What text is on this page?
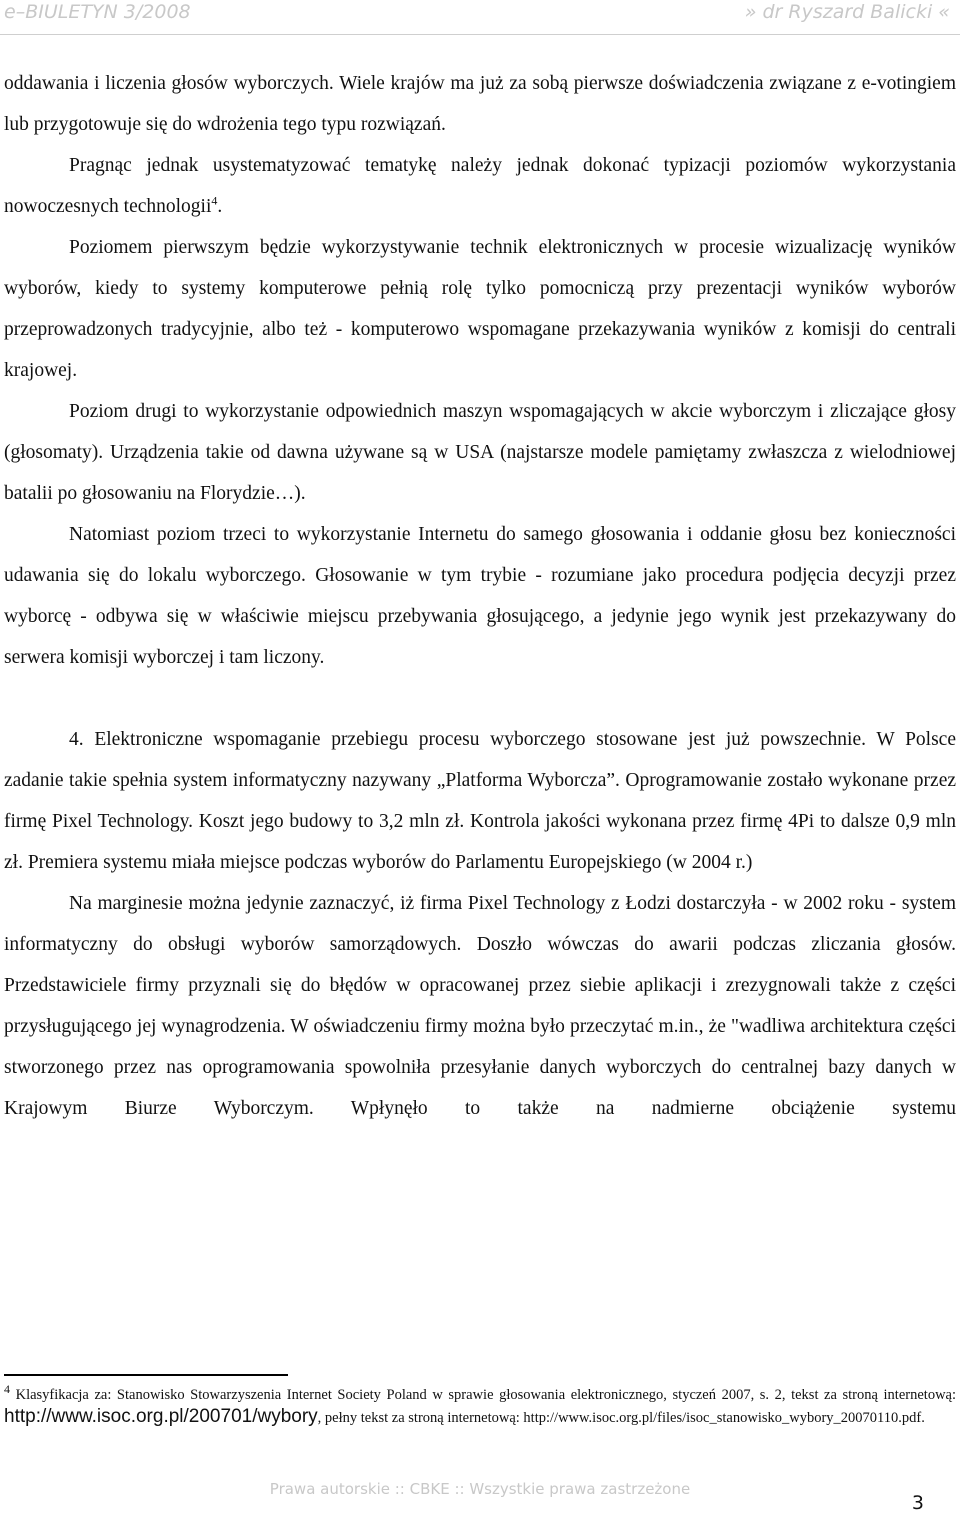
e–BIULETYN 3/2008	» dr Ryszard Balicki «

oddawania i liczenia głosów wyborczych. Wiele krajów ma już za sobą pierwsze doświadczenia związane z e-votingiem lub przygotowuje się do wdrożenia tego typu rozwiązań.

Pragnąc jednak usystematyzować tematykę należy jednak dokonać typizacji poziomów wykorzystania nowoczesnych technologii$^4$.

Poziomem pierwszym będzie wykorzystywanie technik elektronicznych w procesie wizualizację wyników wyborów, kiedy to systemy komputerowe pełnią rolę tylko pomocniczą przy prezentacji wyników wyborów przeprowadzonych tradycyjnie, albo też - komputerowo wspomagane przekazywania wyników z komisji do centrali krajowej.

Poziom drugi to wykorzystanie odpowiednich maszyn wspomagających w akcie wyborczym i zliczające głosy (głosomaty). Urządzenia takie od dawna używane są w USA (najstarsze modele pamiętamy zwłaszcza z wielodniowej batalii po głosowaniu na Florydzie…).

Natomiast poziom trzeci to wykorzystanie Internetu do samego głosowania i oddanie głosu bez konieczności udawania się do lokalu wyborczego. Głosowanie w tym trybie - rozumiane jako procedura podjęcia decyzji przez wyborcę - odbywa się w właściwie miejscu przebywania głosującego, a jedynie jego wynik jest przekazywany do serwera komisji wyborczej i tam liczony.

4. Elektroniczne wspomaganie przebiegu procesu wyborczego stosowane jest już powszechnie. W Polsce zadanie takie spełnia system informatyczny nazywany „Platforma Wyborcza”. Oprogramowanie zostało wykonane przez firmę Pixel Technology. Koszt jego budowy to 3,2 mln zł. Kontrola jakości wykonana przez firmę 4Pi to dalsze 0,9 mln zł. Premiera systemu miała miejsce podczas wyborów do Parlamentu Europejskiego (w 2004 r.)

Na marginesie można jedynie zaznaczyć, iż firma Pixel Technology z Łodzi dostarczyła - w 2002 roku - system informatyczny do obsługi wyborów samorządowych. Doszło wówczas do awarii podczas zliczania głosów. Przedstawiciele firmy przyznali się do błędów w opracowanej przez siebie aplikacji i zrezygnowali także z części przysługującego jej wynagrodzenia. W oświadczeniu firmy można było przeczytać m.in., że "wadliwa architektura części stworzonego przez nas oprogramowania spowolniła przesyłanie danych wyborczych do centralnej bazy danych w Krajowym Biurze Wyborczym. Wpłynęło to także na nadmierne obciążenie systemu

$^4$ Klasyfikacja za: Stanowisko Stowarzyszenia Internet Society Poland w sprawie głosowania elektronicznego, styczeń 2007, s. 2, tekst za stroną internetową: http://www.isoc.org.pl/200701/wybory, pełny tekst za stroną internetową: http://www.isoc.org.pl/files/isoc_stanowisko_wybory_20070110.pdf.
Prawa autorskie :: CBKE :: Wszystkie prawa zastrzeżone
3
